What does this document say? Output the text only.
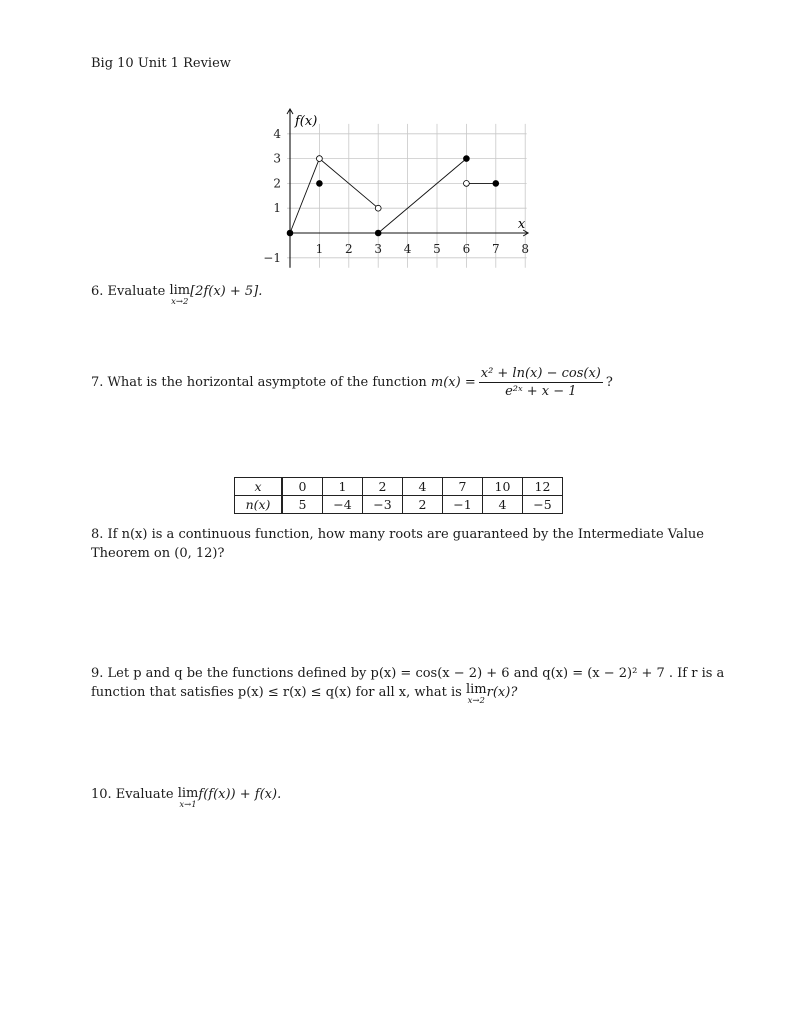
Big 10 Unit 1 Review
1 2 3 4 5 6 7 8
4
3
2
1
−1
f(x)
x
6. Evaluate lim
x→2
[2f(x) + 5].
7. What is the horizontal asymptote of the function $m(x) = \frac{\text{x² + ln(x) − cos(x)}}{\text{e²ˣ + x − 1}}$ ?
x	0	1	2	4	7	10	12
n(x)	5	−4	−3	2	−1	4	−5
8. If n(x) is a continuous function, how many roots are guaranteed by the Intermediate Value
Theorem on (0, 12)?
9. Let p and q be the functions defined by p(x) = cos(x − 2) + 6 and q(x) = (x − 2)² + 7 . If r is a
function that satisfies p(x) ≤ r(x) ≤ q(x) for all x, what is lim
x→2
r(x)?
10. Evaluate lim
x→1
f(f(x)) + f(x).
